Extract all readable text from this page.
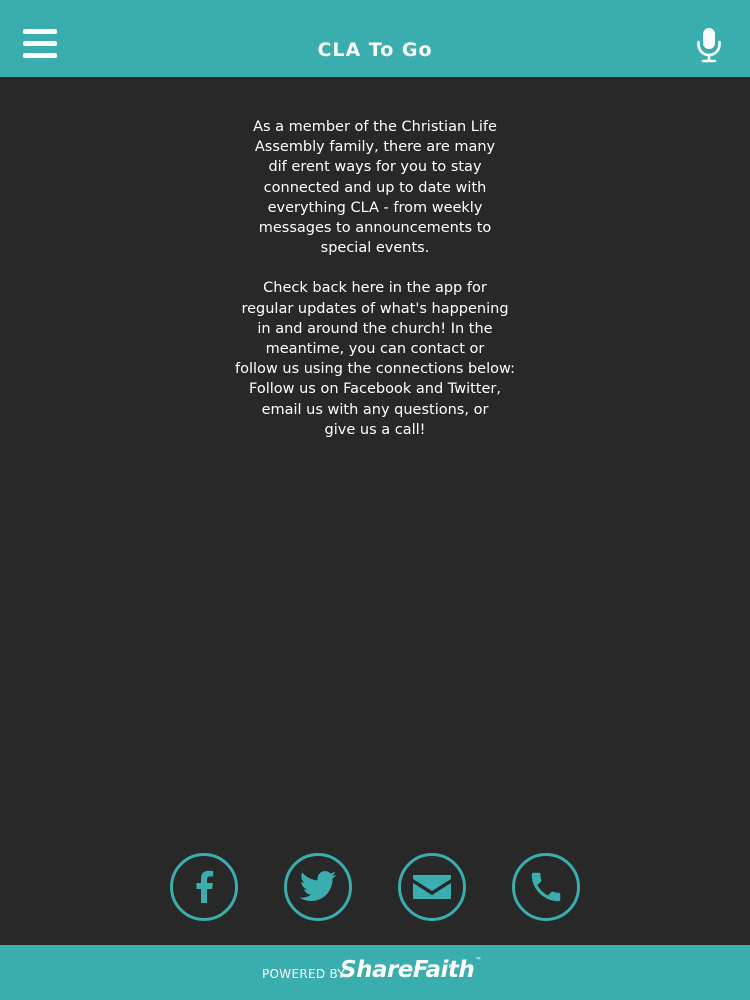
CLA To Go

As a member of the Christian Life
Assembly family, there are many
dif erent ways for you to stay
connected and up to date with
everything CLA - from weekly
messages to announcements to
special events.

Check back here in the app for
regular updates of what's happening
in and around the church! In the
meantime, you can contact or
follow us using the connections below:
Follow us on Facebook and Twitter,
email us with any questions, or
give us a call!

POWERED BY
ShareFaith™
